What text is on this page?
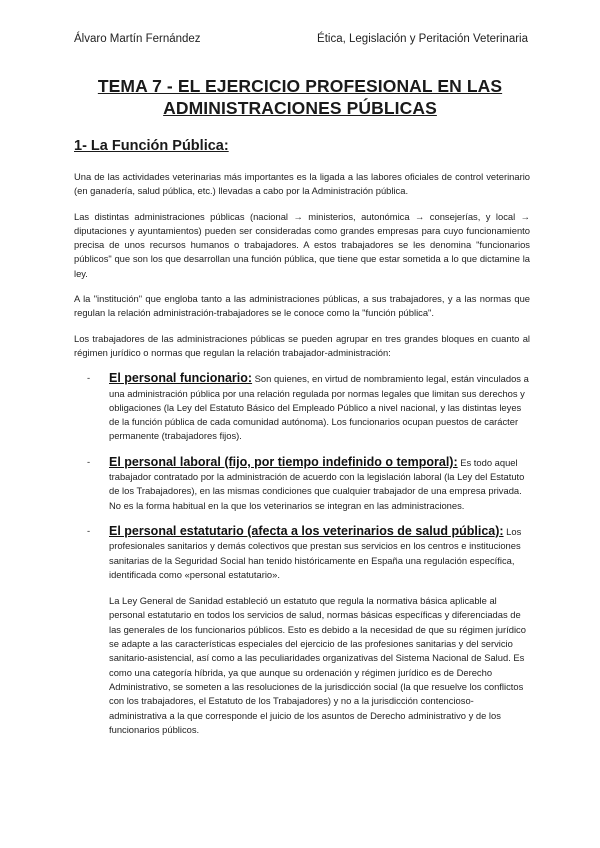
Álvaro Martín Fernández	Ética, Legislación y Peritación Veterinaria
TEMA 7 - EL EJERCICIO PROFESIONAL EN LAS
ADMINISTRACIONES PÚBLICAS
1- La Función Pública:

Una de las actividades veterinarias más importantes es la ligada a las labores oficiales de control veterinario (en ganadería, salud pública, etc.) llevadas a cabo por la Administración pública.

Las distintas administraciones públicas (nacional → ministerios, autonómica → consejerías, y local → diputaciones y ayuntamientos) pueden ser consideradas como grandes empresas para cuyo funcionamiento precisa de unos recursos humanos o trabajadores. A estos trabajadores se les denomina "funcionarios públicos" que son los que desarrollan una función pública, que tiene que estar sometida a lo que dictamine la ley.

A la "institución" que engloba tanto a las administraciones públicas, a sus trabajadores, y a las normas que regulan la relación administración-trabajadores se le conoce como la "función pública".

Los trabajadores de las administraciones públicas se pueden agrupar en tres grandes bloques en cuanto al régimen jurídico o normas que regulan la relación trabajador-administración:

- El personal funcionario: Son quienes, en virtud de nombramiento legal, están vinculados a una administración pública por una relación regulada por normas legales que limitan sus derechos y obligaciones (la Ley del Estatuto Básico del Empleado Público a nivel nacional, y las distintas leyes de la función pública de cada comunidad autónoma). Los funcionarios ocupan puestos de carácter permanente (trabajadores fijos).
- El personal laboral (fijo, por tiempo indefinido o temporal): Es todo aquel trabajador contratado por la administración de acuerdo con la legislación laboral (la Ley del Estatuto de los Trabajadores), en las mismas condiciones que cualquier trabajador de una empresa privada. No es la forma habitual en la que los veterinarios se integran en las administraciones.
- El personal estatutario (afecta a los veterinarios de salud pública): Los profesionales sanitarios y demás colectivos que prestan sus servicios en los centros e instituciones sanitarias de la Seguridad Social han tenido históricamente en España una regulación específica, identificada como «personal estatutario».
La Ley General de Sanidad estableció un estatuto que regula la normativa básica aplicable al personal estatutario en todos los servicios de salud, normas básicas específicas y diferenciadas de las generales de los funcionarios públicos. Esto es debido a la necesidad de que su régimen jurídico se adapte a las características especiales del ejercicio de las profesiones sanitarias y del servicio sanitario-asistencial, así como a las peculiaridades organizativas del Sistema Nacional de Salud. Es como una categoría híbrida, ya que aunque su ordenación y régimen jurídico es de Derecho Administrativo, se someten a las resoluciones de la jurisdicción social (la que resuelve los conflictos con los trabajadores, el Estatuto de los Trabajadores) y no a la jurisdicción contencioso-administrativa a la que corresponde el juicio de los asuntos de Derecho administrativo y de los funcionarios públicos.
